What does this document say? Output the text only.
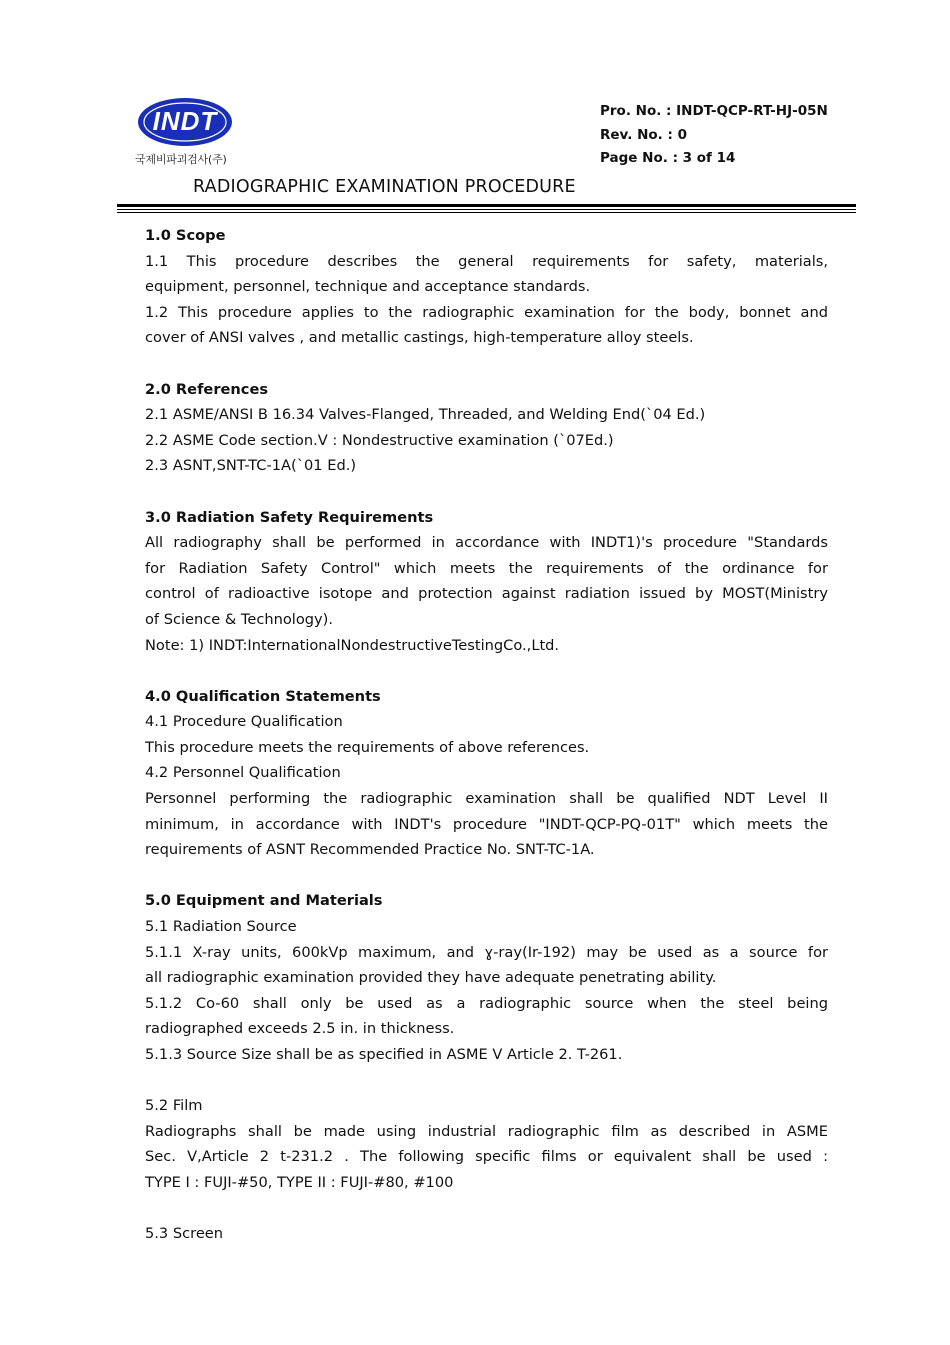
INDT
국제비파괴검사(주)
Pro. No. : INDT-QCP-RT-HJ-05N
Rev. No. : 0
Page No. : 3 of 14
RADIOGRAPHIC EXAMINATION PROCEDURE
1.0 Scope
1.1 This procedure describes the general requirements for safety, materials,
equipment, personnel, technique and acceptance standards.
1.2 This procedure applies to the radiographic examination for the body, bonnet and
cover of ANSI valves , and metallic castings, high-temperature alloy steels.
2.0 References
2.1 ASME/ANSI B 16.34 Valves-Flanged, Threaded, and Welding End(`04 Ed.)
2.2 ASME Code section.V : Nondestructive examination (`07Ed.)
2.3 ASNT,SNT-TC-1A(`01 Ed.)
3.0 Radiation Safety Requirements
All radiography shall be performed in accordance with INDT1)'s procedure "Standards
for Radiation Safety Control" which meets the requirements of the ordinance for
control of radioactive isotope and protection against radiation issued by MOST(Ministry
of Science & Technology).
Note: 1) INDT:InternationalNondestructiveTestingCo.,Ltd.
4.0 Qualification Statements
4.1 Procedure Qualification
This procedure meets the requirements of above references.
4.2 Personnel Qualification
Personnel performing the radiographic examination shall be qualified NDT Level II
minimum, in accordance with INDT's procedure "INDT-QCP-PQ-01T" which meets the
requirements of ASNT Recommended Practice No. SNT-TC-1A.
5.0 Equipment and Materials
5.1 Radiation Source
5.1.1 X-ray units, 600kVp maximum, and ɣ-ray(Ir-192) may be used as a source for
all radiographic examination provided they have adequate penetrating ability.
5.1.2 Co-60 shall only be used as a radiographic source when the steel being
radiographed exceeds 2.5 in. in thickness.
5.1.3 Source Size shall be as specified in ASME V Article 2. T-261.
5.2 Film
Radiographs shall be made using industrial radiographic film as described in ASME
Sec. V,Article 2 t-231.2 . The following specific films or equivalent shall be used :
TYPE I : FUJI-#50, TYPE II : FUJI-#80, #100
5.3 Screen
